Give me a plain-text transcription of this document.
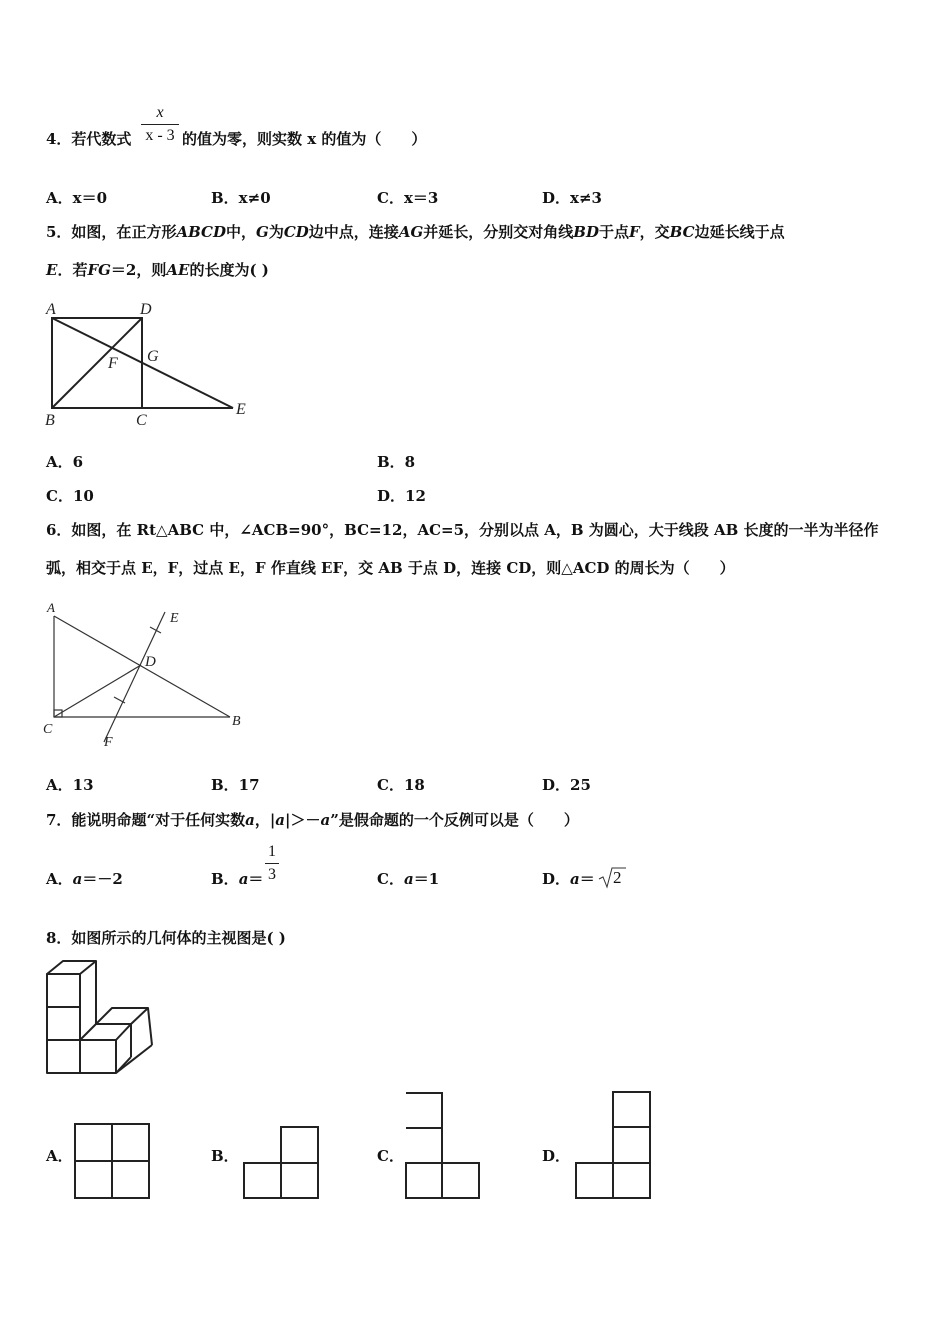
4．若代数式
x
x - 3 的值为零，则实数 x 的值为（　　）
A．x＝0	B．x≠0	C．x＝3	D．x≠3
5．如图，在正方形ABCD中，G为CD边中点，连接AG并延长，分别交对角线BD于点F，交BC边延长线于点
E．若FG＝2，则AE的长度为( )
A	D
F G
B	C
E
A．6	B．8
C．10	D．12
6．如图，在 Rt△ABC 中，∠ACB=90°，BC=12，AC=5，分别以点 A，B 为圆心，大于线段 AB 长度的一半为半径作
弧，相交于点 E，F，过点 E，F 作直线 EF，交 AB 于点 D，连接 CD，则△ACD 的周长为（　　）
A
E
D
C
B
F
A．13	B．17	C．18	D．25
7．能说明命题“对于任何实数a，|a|＞－a”是假命题的一个反例可以是（　　）
A．a＝－2	B．a＝
1
3	C．a＝1	D．a＝ 2
8．如图所示的几何体的主视图是( )
A．	B．	C．	D．
